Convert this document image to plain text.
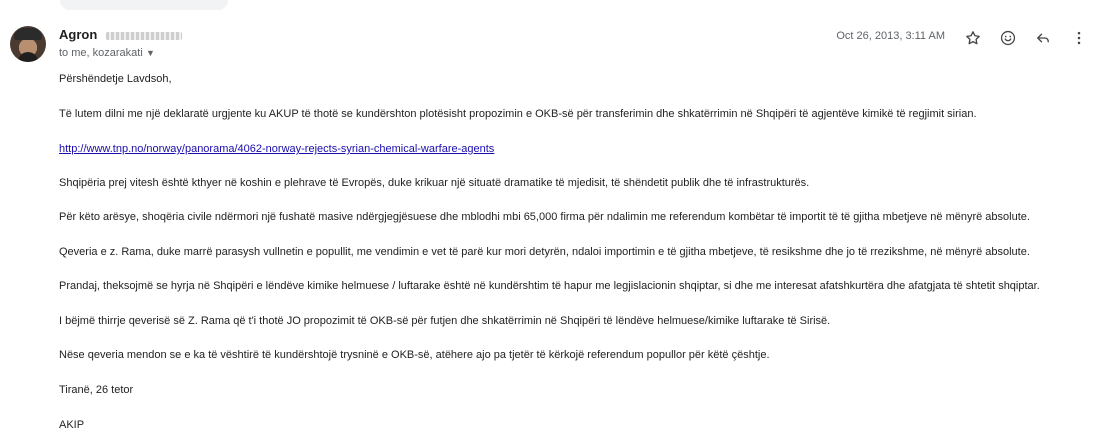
Agron
to me, kozarakati ▼
Oct 26, 2013, 3:11 AM
Përshëndetje Lavdsoh,
Të lutem dilni me një deklaratë urgjente ku AKUP të thotë se kundërshton plotësisht propozimin e OKB-së për transferimin dhe shkatërrimin në Shqipëri të agjentëve kimikë të regjimit sirian.
http://www.tnp.no/norway/panorama/4062-norway-rejects-syrian-chemical-warfare-agents
Shqipëria prej vitesh është kthyer në koshin e plehrave të Evropës, duke krikuar një situatë dramatike të mjedisit, të shëndetit publik dhe të infrastrukturës.
Për këto arësye, shoqëria civile ndërmori një fushatë masive ndërgjegjësuese dhe mblodhi mbi 65,000 firma për ndalimin me referendum kombëtar të importit të të gjitha mbetjeve në mënyrë absolute.
Qeveria e z. Rama, duke marrë parasysh vullnetin e popullit, me vendimin e vet të parë kur mori detyrën, ndaloi importimin e të gjitha mbetjeve, të resikshme dhe jo të rrezikshme, në mënyrë absolute.
Prandaj, theksojmë se hyrja në Shqipëri e lëndëve kimike helmuese / luftarake është në kundërshtim të hapur me legjislacionin shqiptar, si dhe me interesat afatshkurtëra dhe afatgjata të shtetit shqiptar.
I bëjmë thirrje qeverisë së Z. Rama që t'i thotë JO propozimit të OKB-së për futjen dhe shkatërrimin në Shqipëri të lëndëve helmuese/kimike luftarake të Sirisë.
Nëse qeveria mendon se e ka të vështirë të kundërshtojë trysninë e OKB-së, atëhere ajo pa tjetër të kërkojë referendum popullor për këtë çështje.
Tiranë, 26 tetor
AKIP
